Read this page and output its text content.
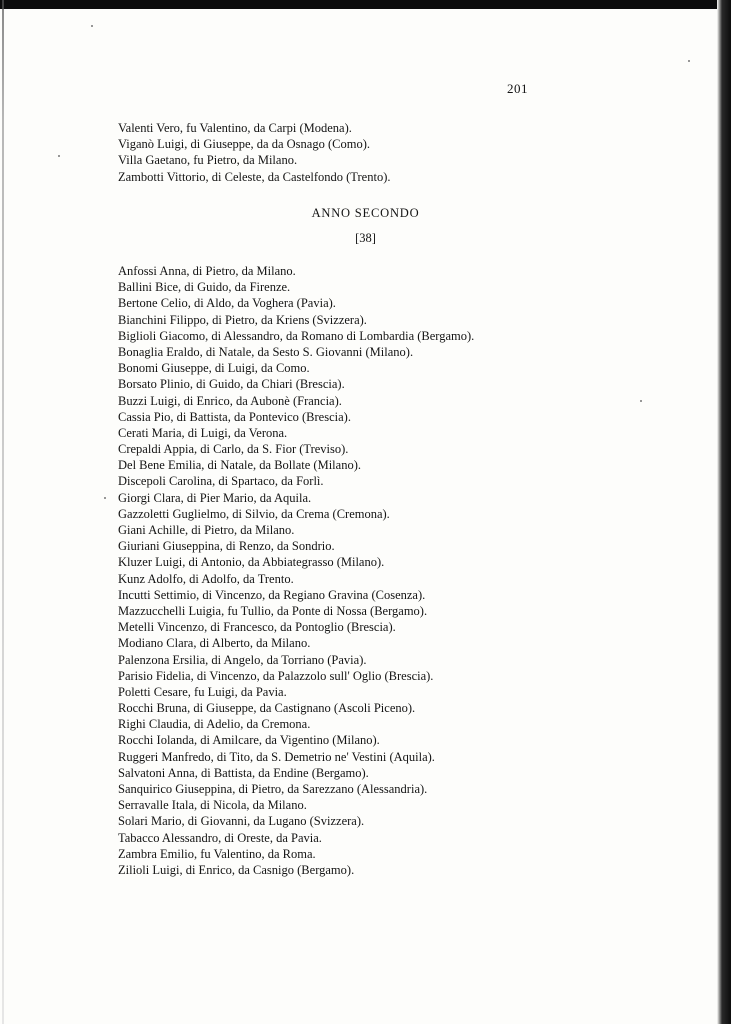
201
Valenti Vero, fu Valentino, da Carpi (Modena).
Viganò Luigi, di Giuseppe, da da Osnago (Como).
Villa Gaetano, fu Pietro, da Milano.
Zambotti Vittorio, di Celeste, da Castelfondo (Trento).
ANNO SECONDO
[38]
Anfossi Anna, di Pietro, da Milano.
Ballini Bice, di Guido, da Firenze.
Bertone Celio, di Aldo, da Voghera (Pavia).
Bianchini Filippo, di Pietro, da Kriens (Svizzera).
Biglioli Giacomo, di Alessandro, da Romano di Lombardia (Bergamo).
Bonaglia Eraldo, di Natale, da Sesto S. Giovanni (Milano).
Bonomi Giuseppe, di Luigi, da Como.
Borsato Plinio, di Guido, da Chiari (Brescia).
Buzzi Luigi, di Enrico, da Aubonè (Francia).
Cassia Pio, di Battista, da Pontevico (Brescia).
Cerati Maria, di Luigi, da Verona.
Crepaldi Appia, di Carlo, da S. Fior (Treviso).
Del Bene Emilia, di Natale, da Bollate (Milano).
Discepoli Carolina, di Spartaco, da Forlì.
Giorgi Clara, di Pier Mario, da Aquila.
Gazzoletti Guglielmo, di Silvio, da Crema (Cremona).
Giani Achille, di Pietro, da Milano.
Giuriani Giuseppina, di Renzo, da Sondrio.
Kluzer Luigi, di Antonio, da Abbiategrasso (Milano).
Kunz Adolfo, di Adolfo, da Trento.
Incutti Settimio, di Vincenzo, da Regiano Gravina (Cosenza).
Mazzucchelli Luigia, fu Tullio, da Ponte di Nossa (Bergamo).
Metelli Vincenzo, di Francesco, da Pontoglio (Brescia).
Modiano Clara, di Alberto, da Milano.
Palenzona Ersilia, di Angelo, da Torriano (Pavia).
Parisio Fidelia, di Vincenzo, da Palazzolo sull' Oglio (Brescia).
Poletti Cesare, fu Luigi, da Pavia.
Rocchi Bruna, di Giuseppe, da Castignano (Ascoli Piceno).
Righi Claudia, di Adelio, da Cremona.
Rocchi Iolanda, di Amilcare, da Vigentino (Milano).
Ruggeri Manfredo, di Tito, da S. Demetrio ne' Vestini (Aquila).
Salvatoni Anna, di Battista, da Endine (Bergamo).
Sanquirico Giuseppina, di Pietro, da Sarezzano (Alessandria).
Serravalle Itala, di Nicola, da Milano.
Solari Mario, di Giovanni, da Lugano (Svizzera).
Tabacco Alessandro, di Oreste, da Pavia.
Zambra Emilio, fu Valentino, da Roma.
Zilioli Luigi, di Enrico, da Casnigo (Bergamo).
